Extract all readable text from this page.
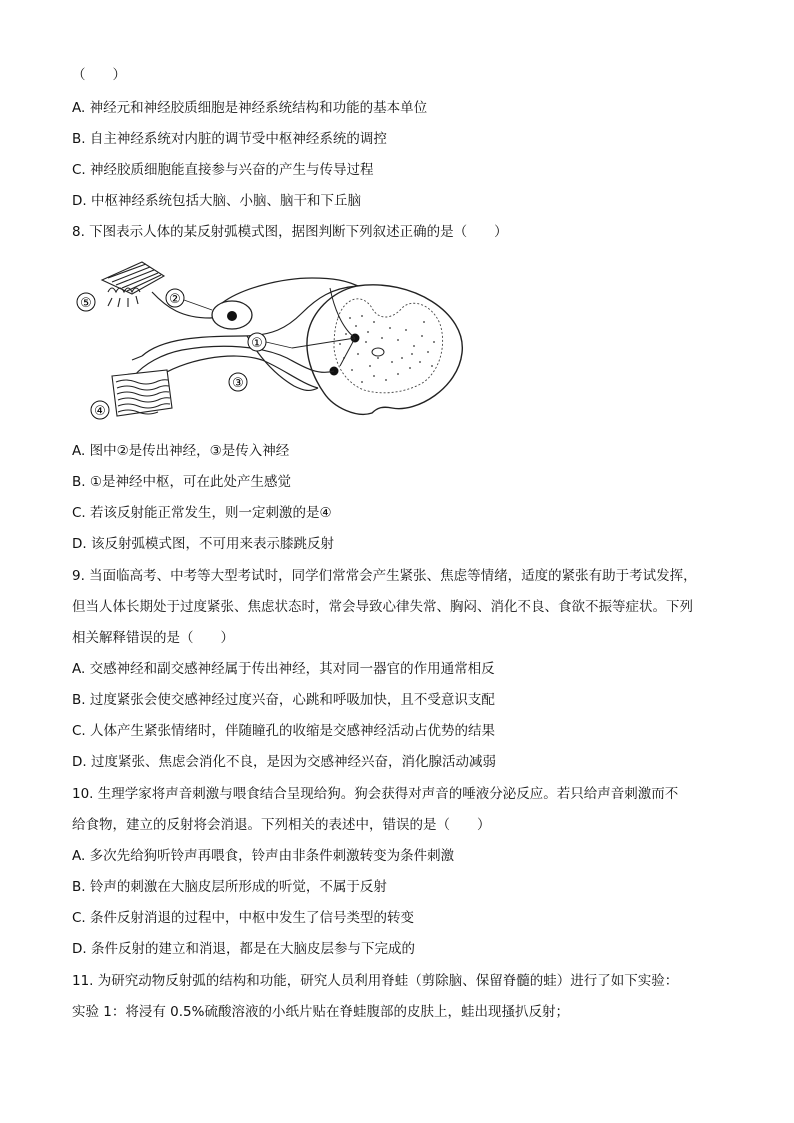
（　　）
A. 神经元和神经胶质细胞是神经系统结构和功能的基本单位
B. 自主神经系统对内脏的调节受中枢神经系统的调控
C. 神经胶质细胞能直接参与兴奋的产生与传导过程
D. 中枢神经系统包括大脑、小脑、脑干和下丘脑
8. 下图表示人体的某反射弧模式图，据图判断下列叙述正确的是（　　）
⑤	②
①
③
④
A. 图中②是传出神经，③是传入神经
B. ①是神经中枢，可在此处产生感觉
C. 若该反射能正常发生，则一定刺激的是④
D. 该反射弧模式图，不可用来表示膝跳反射
9. 当面临高考、中考等大型考试时，同学们常常会产生紧张、焦虑等情绪，适度的紧张有助于考试发挥，
但当人体长期处于过度紧张、焦虑状态时，常会导致心律失常、胸闷、消化不良、食欲不振等症状。下列
相关解释错误的是（　　）
A. 交感神经和副交感神经属于传出神经，其对同一器官的作用通常相反
B. 过度紧张会使交感神经过度兴奋，心跳和呼吸加快，且不受意识支配
C. 人体产生紧张情绪时，伴随瞳孔的收缩是交感神经活动占优势的结果
D. 过度紧张、焦虑会消化不良，是因为交感神经兴奋，消化腺活动减弱
10. 生理学家将声音刺激与喂食结合呈现给狗。狗会获得对声音的唾液分泌反应。若只给声音刺激而不
给食物，建立的反射将会消退。下列相关的表述中，错误的是（　　）
A. 多次先给狗听铃声再喂食，铃声由非条件刺激转变为条件刺激
B. 铃声的刺激在大脑皮层所形成的听觉，不属于反射
C. 条件反射消退的过程中，中枢中发生了信号类型的转变
D. 条件反射的建立和消退，都是在大脑皮层参与下完成的
11. 为研究动物反射弧的结构和功能，研究人员利用脊蛙（剪除脑、保留脊髓的蛙）进行了如下实验：
实验 1：将浸有 0.5%硫酸溶液的小纸片贴在脊蛙腹部的皮肤上，蛙出现搔扒反射；
